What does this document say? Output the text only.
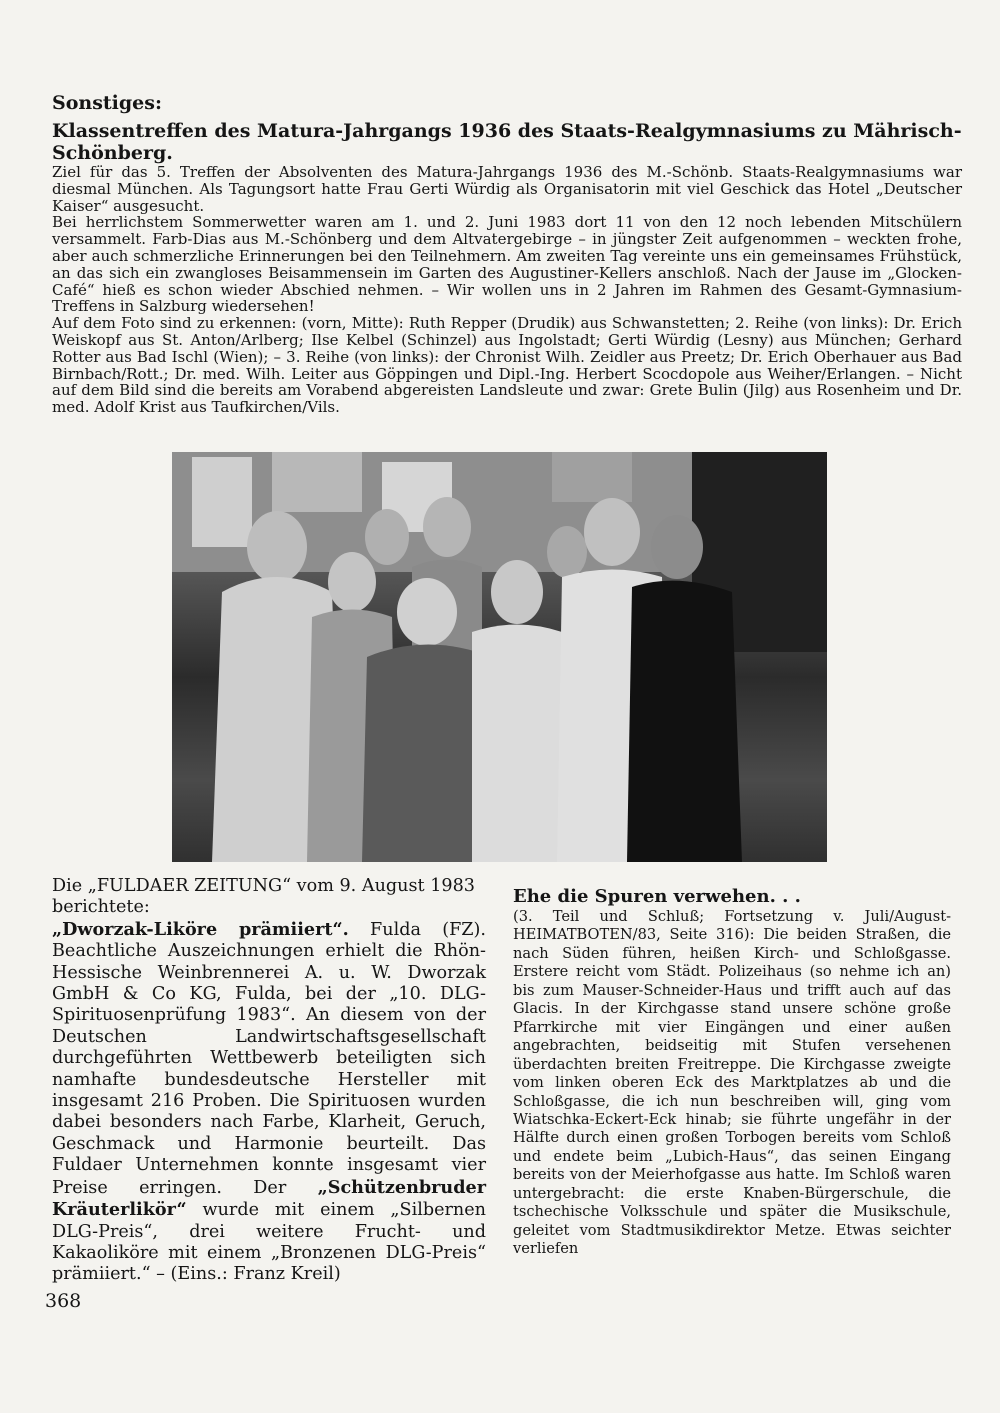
Sonstiges:
Klassentreffen des Matura-Jahrgangs 1936 des Staats-Realgymnasiums zu Mährisch-Schönberg.

Ziel für das 5. Treffen der Absolventen des Matura-Jahrgangs 1936 des M.-Schönb. Staats-Realgymnasiums war diesmal München. Als Tagungsort hatte Frau Gerti Würdig als Organisatorin mit viel Geschick das Hotel „Deutscher Kaiser“ ausgesucht.

Bei herrlichstem Sommerwetter waren am 1. und 2. Juni 1983 dort 11 von den 12 noch lebenden Mitschülern versammelt. Farb-Dias aus M.-Schönberg und dem Altvatergebirge – in jüngster Zeit aufgenommen – weckten frohe, aber auch schmerzliche Erinnerungen bei den Teilnehmern. Am zweiten Tag vereinte uns ein gemeinsames Frühstück, an das sich ein zwangloses Beisammensein im Garten des Augustiner-Kellers anschloß. Nach der Jause im „Glocken-Café“ hieß es schon wieder Abschied nehmen. – Wir wollen uns in 2 Jahren im Rahmen des Gesamt-Gymnasium-Treffens in Salzburg wiedersehen!

Auf dem Foto sind zu erkennen: (vorn, Mitte): Ruth Repper (Drudik) aus Schwanstetten; 2. Reihe (von links): Dr. Erich Weiskopf aus St. Anton/Arlberg; Ilse Kelbel (Schinzel) aus Ingolstadt; Gerti Würdig (Lesny) aus München; Gerhard Rotter aus Bad Ischl (Wien); – 3. Reihe (von links): der Chronist Wilh. Zeidler aus Preetz; Dr. Erich Oberhauer aus Bad Birnbach/Rott.; Dr. med. Wilh. Leiter aus Göppingen und Dipl.-Ing. Herbert Scocdopole aus Weiher/Erlangen. – Nicht auf dem Bild sind die bereits am Vorabend abgereisten Landsleute und zwar: Grete Bulin (Jilg) aus Rosenheim und Dr. med. Adolf Krist aus Taufkirchen/Vils.

Die „FULDAER ZEITUNG“ vom 9. August 1983 berichtete:

„Dworzak-Liköre prämiiert“. Fulda (FZ). Beachtliche Auszeichnungen erhielt die Rhön-Hessische Weinbrennerei A. u. W. Dworzak GmbH & Co KG, Fulda, bei der „10. DLG-Spirituosenprüfung 1983“. An diesem von der Deutschen Landwirtschaftsgesellschaft durchgeführten Wettbewerb beteiligten sich namhafte bundesdeutsche Hersteller mit insgesamt 216 Proben. Die Spirituosen wurden dabei besonders nach Farbe, Klarheit, Geruch, Geschmack und Harmonie beurteilt. Das Fuldaer Unternehmen konnte insgesamt vier Preise erringen. Der „Schützenbruder Kräuterlikör“ wurde mit einem „Silbernen DLG-Preis“, drei weitere Frucht- und Kakaoliköre mit einem „Bronzenen DLG-Preis“ prämiiert.“ – (Eins.: Franz Kreil)

Ehe die Spuren verwehen. . .

(3. Teil und Schluß; Fortsetzung v. Juli/August-HEIMATBOTEN/83, Seite 316): Die beiden Straßen, die nach Süden führen, heißen Kirch- und Schloßgasse. Erstere reicht vom Städt. Polizeihaus (so nehme ich an) bis zum Mauser-Schneider-Haus und trifft auch auf das Glacis. In der Kirchgasse stand unsere schöne große Pfarrkirche mit vier Eingängen und einer außen angebrachten, beidseitig mit Stufen versehenen überdachten breiten Freitreppe. Die Kirchgasse zweigte vom linken oberen Eck des Marktplatzes ab und die Schloßgasse, die ich nun beschreiben will, ging vom Wiatschka-Eckert-Eck hinab; sie führte ungefähr in der Hälfte durch einen großen Torbogen bereits vom Schloß und endete beim „Lubich-Haus“, das seinen Eingang bereits von der Meierhofgasse aus hatte. Im Schloß waren untergebracht: die erste Knaben-Bürgerschule, die tschechische Volksschule und später die Musikschule, geleitet vom Stadtmusikdirektor Metze. Etwas seichter verliefen

368
